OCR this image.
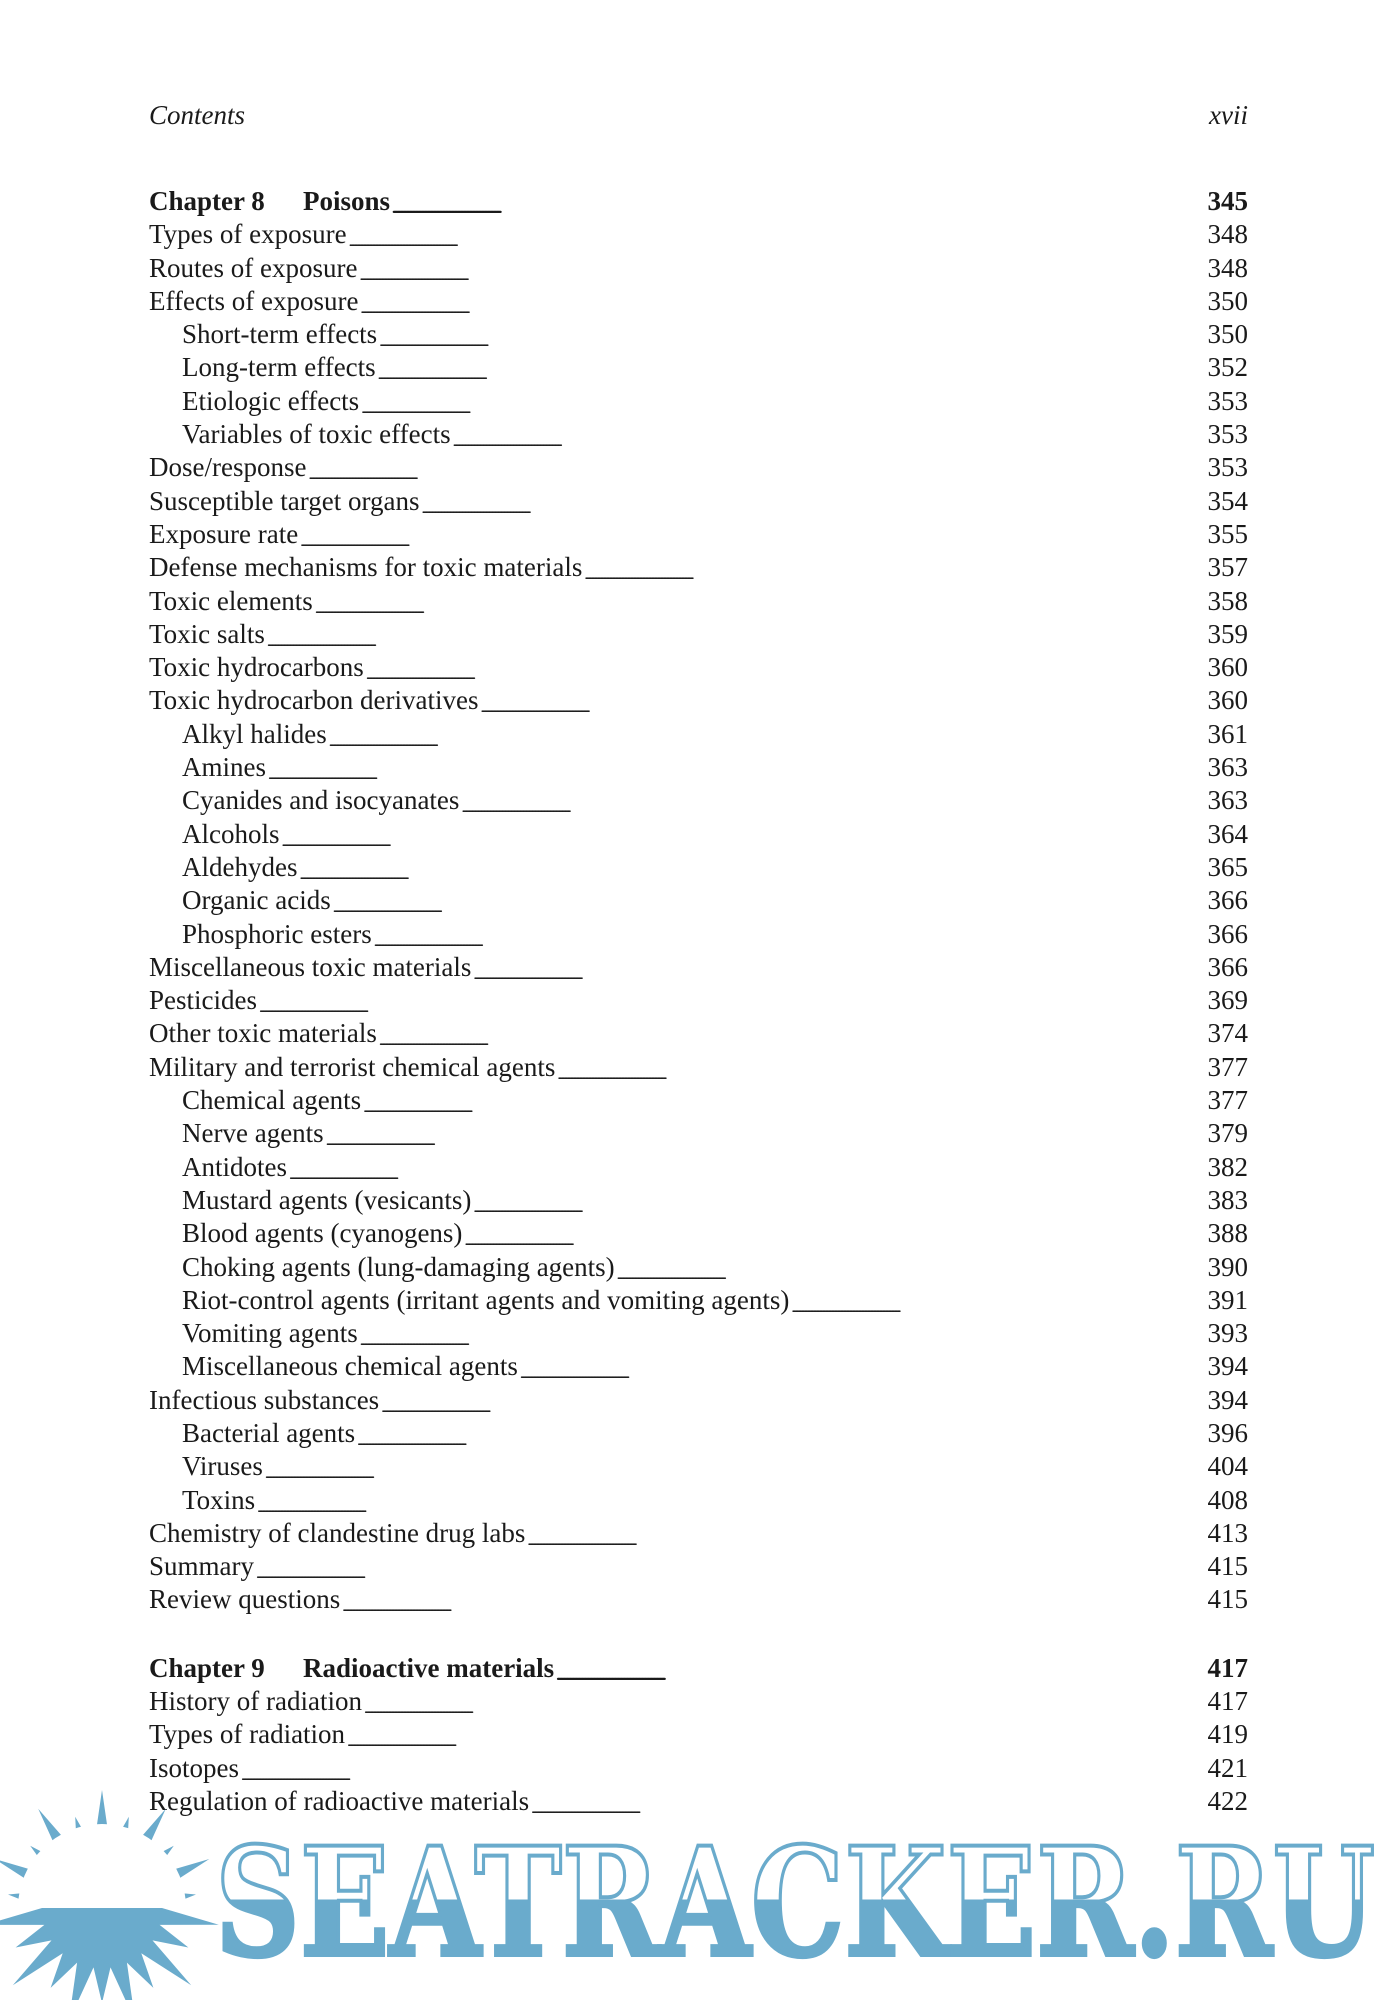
Contents	xvii
Chapter 8 Poisons . . .	345
Types of exposure . . .	348
Routes of exposure . . .	348
Effects of exposure . . .	350
Short-term effects . . .	350
Long-term effects . . .	352
Etiologic effects . . .	353
Variables of toxic effects . . .	353
Dose/response . . .	353
Susceptible target organs . . .	354
Exposure rate . . .	355
Defense mechanisms for toxic materials . . .	357
Toxic elements . . .	358
Toxic salts . . .	359
Toxic hydrocarbons . . .	360
Toxic hydrocarbon derivatives . . .	360
Alkyl halides . . .	361
Amines . . .	363
Cyanides and isocyanates . . .	363
Alcohols . . .	364
Aldehydes . . .	365
Organic acids . . .	366
Phosphoric esters . . .	366
Miscellaneous toxic materials . . .	366
Pesticides . . .	369
Other toxic materials . . .	374
Military and terrorist chemical agents . . .	377
Chemical agents . . .	377
Nerve agents . . .	379
Antidotes . . .	382
Mustard agents (vesicants) . . .	383
Blood agents (cyanogens) . . .	388
Choking agents (lung-damaging agents) . . .	390
Riot-control agents (irritant agents and vomiting agents) . . .	391
Vomiting agents . . .	393
Miscellaneous chemical agents . . .	394
Infectious substances . . .	394
Bacterial agents . . .	396
Viruses . . .	404
Toxins . . .	408
Chemistry of clandestine drug labs . . .	413
Summary . . .	415
Review questions . . .	415
Chapter 9 Radioactive materials . . .	417
History of radiation . . .	417
Types of radiation . . .	419
Isotopes . . .	421
Regulation of radioactive materials . . .	422
SEATRACKER.RU
